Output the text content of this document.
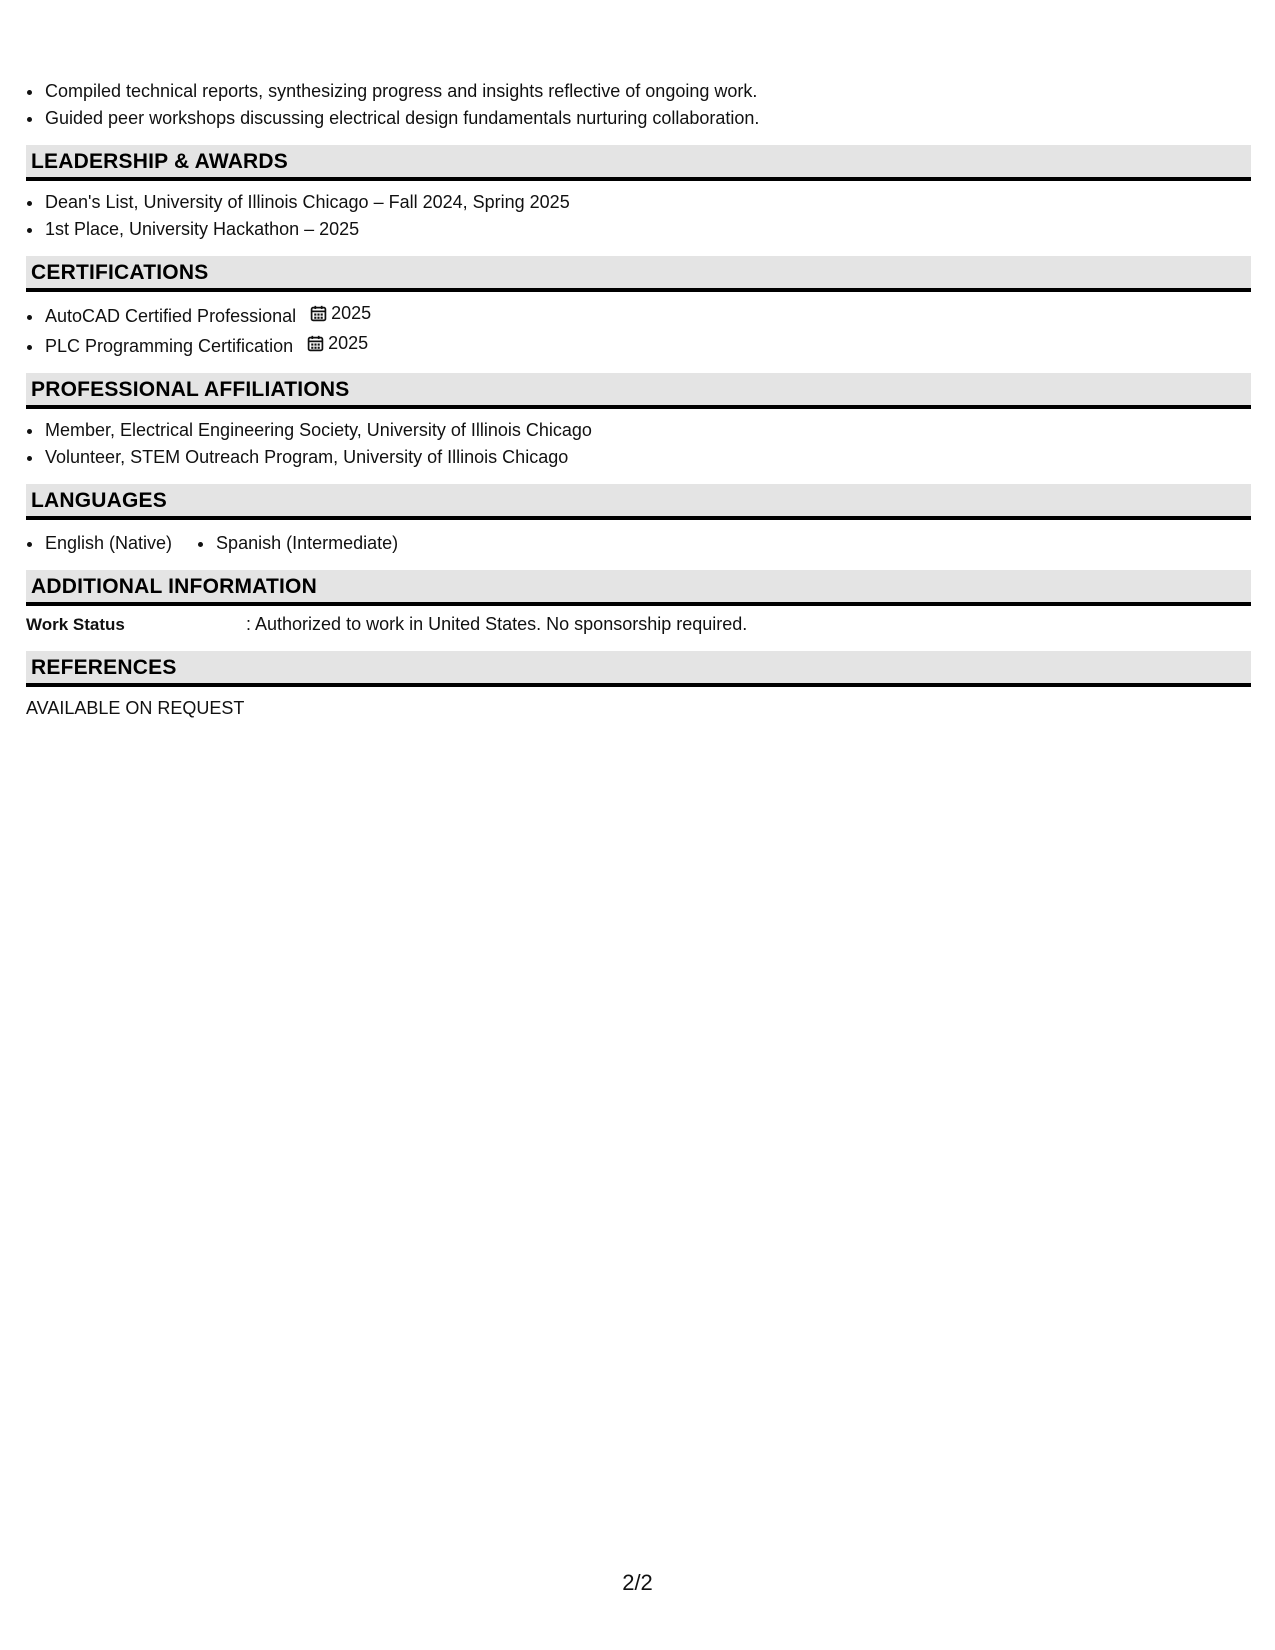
• Compiled technical reports, synthesizing progress and insights reflective of ongoing work.
• Guided peer workshops discussing electrical design fundamentals nurturing collaboration.
LEADERSHIP & AWARDS
• Dean's List, University of Illinois Chicago – Fall 2024, Spring 2025
• 1st Place, University Hackathon – 2025
CERTIFICATIONS
• AutoCAD Certified Professional 2025
• PLC Programming Certification 2025
PROFESSIONAL AFFILIATIONS
• Member, Electrical Engineering Society, University of Illinois Chicago
• Volunteer, STEM Outreach Program, University of Illinois Chicago
LANGUAGES
• English (Native)
• Spanish (Intermediate)
ADDITIONAL INFORMATION
Work Status	: Authorized to work in United States. No sponsorship required.
REFERENCES
AVAILABLE ON REQUEST
2/2
